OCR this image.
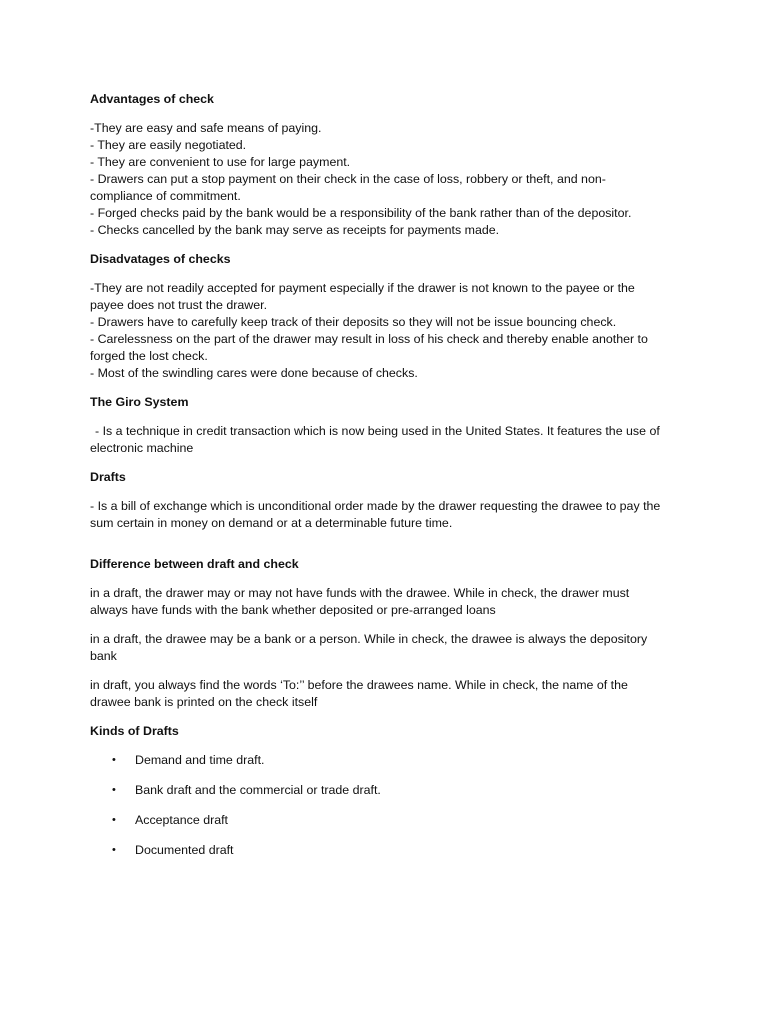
Advantages of check
-They are easy and safe means of paying.
- They are easily negotiated.
- They are convenient to use for large payment.
- Drawers can put a stop payment on their check in the case of loss, robbery or theft, and non-
compliance of commitment.
- Forged checks paid by the bank would be a responsibility of the bank rather than of the depositor.
- Checks cancelled by the bank may serve as receipts for payments made.
Disadvatages of checks
-They are not readily accepted for payment especially if the drawer is not known to the payee or the
payee does not trust the drawer.
- Drawers have to carefully keep track of their deposits so they will not be issue bouncing check.
- Carelessness on the part of the drawer may result in loss of his check and thereby enable another to
forged the lost check.
- Most of the swindling cares were done because of checks.
The Giro System
- Is a technique in credit transaction which is now being used in the United States. It features the use of
electronic machine
Drafts
- Is a bill of exchange which is unconditional order made by the drawer requesting the drawee to pay the
sum certain in money on demand or at a determinable future time.
Difference between draft and check
in a draft, the drawer may or may not have funds with the drawee. While in check, the drawer must
always have funds with the bank whether deposited or pre-arranged loans
in a draft, the drawee may be a bank or a person. While in check, the drawee is always the depository
bank
in draft, you always find the words ‘To:’’ before the drawees name. While in check, the name of the
drawee bank is printed on the check itself
Kinds of Drafts
• Demand and time draft.
• Bank draft and the commercial or trade draft.
• Acceptance draft
• Documented draft
